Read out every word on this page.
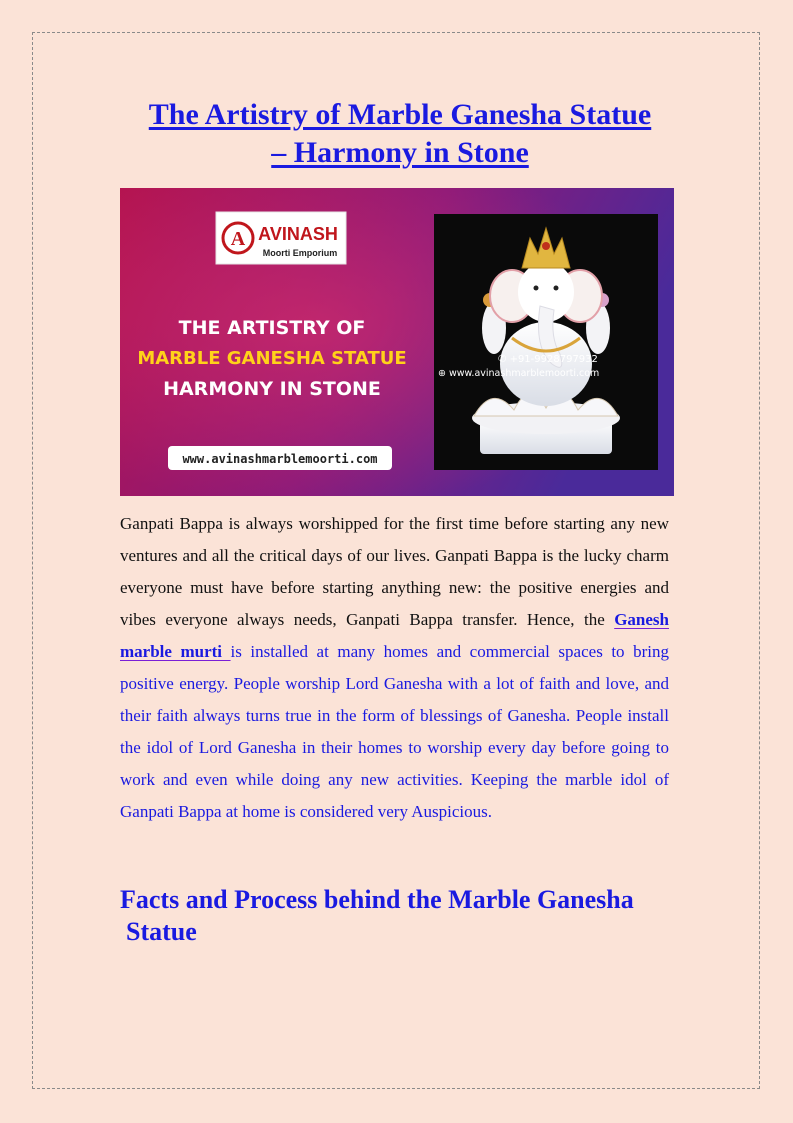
The Artistry of Marble Ganesha Statue
– Harmony in Stone
A AVINASH
Moorti Emporium
THE ARTISTRY OF
MARBLE GANESHA STATUE
HARMONY IN STONE
www.avinashmarblemoorti.com
✆ +91-9928797932
⊕ www.avinashmarblemoorti.com

Ganpati Bappa is always worshipped for the first time before starting any new ventures and all the critical days of our lives. Ganpati Bappa is the lucky charm everyone must have before starting anything new: the positive energies and vibes everyone always needs, Ganpati Bappa transfer. Hence, the Ganesh marble murti is installed at many homes and commercial spaces to bring positive energy. People worship Lord Ganesha with a lot of faith and love, and their faith always turns true in the form of blessings of Ganesha. People install the idol of Lord Ganesha in their homes to worship every day before going to work and even while doing any new activities. Keeping the marble idol of Ganpati Bappa at home is considered very Auspicious.

Facts and Process behind the Marble Ganesha
Statue
